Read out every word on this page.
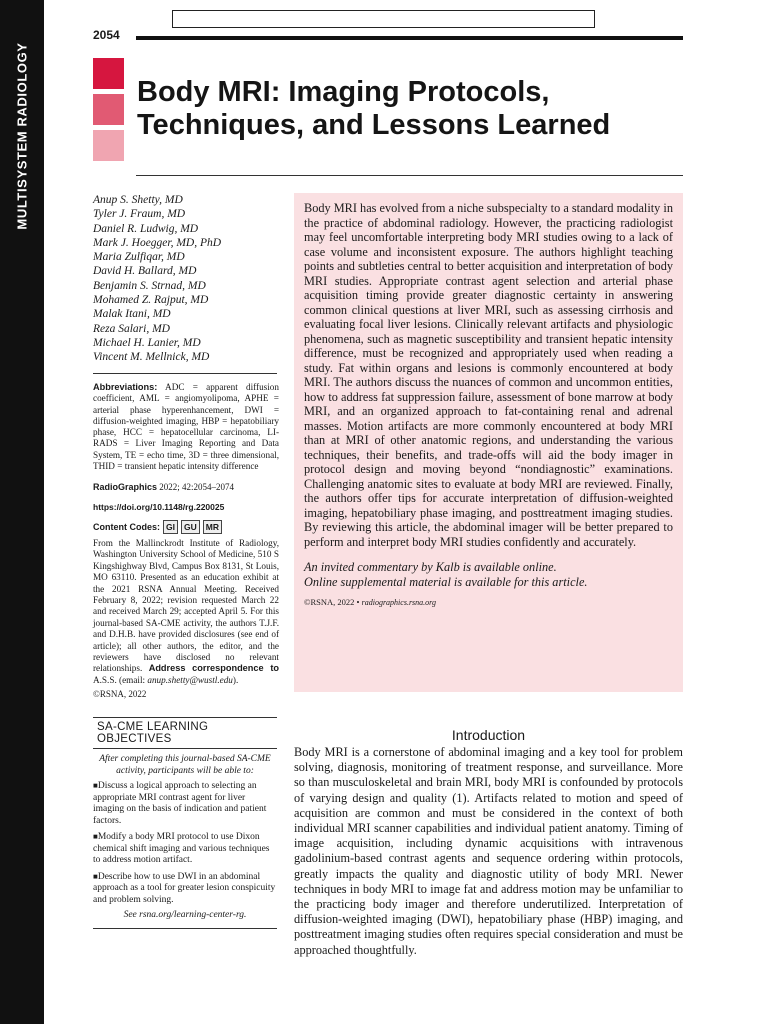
MULTISYSTEM RADIOLOGY
2054
Body MRI: Imaging Protocols,
Techniques, and Lessons Learned
Anup S. Shetty, MD
Tyler J. Fraum, MD
Daniel R. Ludwig, MD
Mark J. Hoegger, MD, PhD
Maria Zulfiqar, MD
David H. Ballard, MD
Benjamin S. Strnad, MD
Mohamed Z. Rajput, MD
Malak Itani, MD
Reza Salari, MD
Michael H. Lanier, MD
Vincent M. Mellnick, MD
Abbreviations: ADC = apparent diffusion coefficient, AML = angiomyolipoma, APHE = arterial phase hyperenhancement, DWI = diffusion-weighted imaging, HBP = hepatobiliary phase, HCC = hepatocellular carcinoma, LI-RADS = Liver Imaging Reporting and Data System, TE = echo time, 3D = three dimensional, THID = transient hepatic intensity difference
RadioGraphics 2022; 42:2054–2074
https://doi.org/10.1148/rg.220025
Content Codes: GI	GU	MR
From the Mallinckrodt Institute of Radiology, Washington University School of Medicine, 510 S Kingshighway Blvd, Campus Box 8131, St Louis, MO 63110. Presented as an education exhibit at the 2021 RSNA Annual Meeting. Received February 8, 2022; revision requested March 22 and received March 29; accepted April 5. For this journal-based SA-CME activity, the authors T.J.F. and D.H.B. have provided disclosures (see end of article); all other authors, the editor, and the reviewers have disclosed no relevant relationships. Address correspondence to A.S.S. (email: anup.shetty@wustl.edu).
©RSNA, 2022
SA-CME LEARNING OBJECTIVES
After completing this journal-based SA-CME activity, participants will be able to:
■Discuss a logical approach to selecting an appropriate MRI contrast agent for liver imaging on the basis of indication and patient factors.
■Modify a body MRI protocol to use Dixon chemical shift imaging and various techniques to address motion artifact.
■Describe how to use DWI in an abdominal approach as a tool for greater lesion conspicuity and problem solving.
See rsna.org/learning-center-rg.

Body MRI has evolved from a niche subspecialty to a standard modality in the practice of abdominal radiology. However, the practicing radiologist may feel uncomfortable interpreting body MRI studies owing to a lack of case volume and inconsistent exposure. The authors highlight teaching points and subtleties central to better acquisition and interpretation of body MRI studies. Appropriate contrast agent selection and arterial phase acquisition timing provide greater diagnostic certainty in answering common clinical questions at liver MRI, such as assessing cirrhosis and evaluating focal liver lesions. Clinically relevant artifacts and physiologic phenomena, such as magnetic susceptibility and transient hepatic intensity difference, must be recognized and appropriately used when reading a study. Fat within organs and lesions is commonly encountered at body MRI. The authors discuss the nuances of common and uncommon entities, how to address fat suppression failure, assessment of bone marrow at body MRI, and an organized approach to fat-containing renal and adrenal masses. Motion artifacts are more commonly encountered at body MRI than at MRI of other anatomic regions, and understanding the various techniques, their benefits, and trade-offs will aid the body imager in protocol design and moving beyond “nondiagnostic” examinations. Challenging anatomic sites to evaluate at body MRI are reviewed. Finally, the authors offer tips for accurate interpretation of diffusion-weighted imaging, hepatobiliary phase imaging, and posttreatment imaging studies. By reviewing this article, the abdominal imager will be better prepared to perform and interpret body MRI studies confidently and accurately.

An invited commentary by Kalb is available online.
Online supplemental material is available for this article.

©RSNA, 2022 • radiographics.rsna.org

Introduction

Body MRI is a cornerstone of abdominal imaging and a key tool for problem solving, diagnosis, monitoring of treatment response, and surveillance. More so than musculoskeletal and brain MRI, body MRI is confounded by protocols of varying design and quality (1). Artifacts related to motion and speed of acquisition are common and must be considered in the context of both individual MRI scanner capabilities and individual patient anatomy. Timing of image acquisition, including dynamic acquisitions with intravenous gadolinium-based contrast agents and sequence ordering within protocols, greatly impacts the quality and diagnostic utility of body MRI. Newer techniques in body MRI to image fat and address motion may be unfamiliar to the practicing body imager and therefore underutilized. Interpretation of diffusion-weighted imaging (DWI), hepatobiliary phase (HBP) imaging, and posttreatment imaging studies often requires special consideration and must be approached thoughtfully.
